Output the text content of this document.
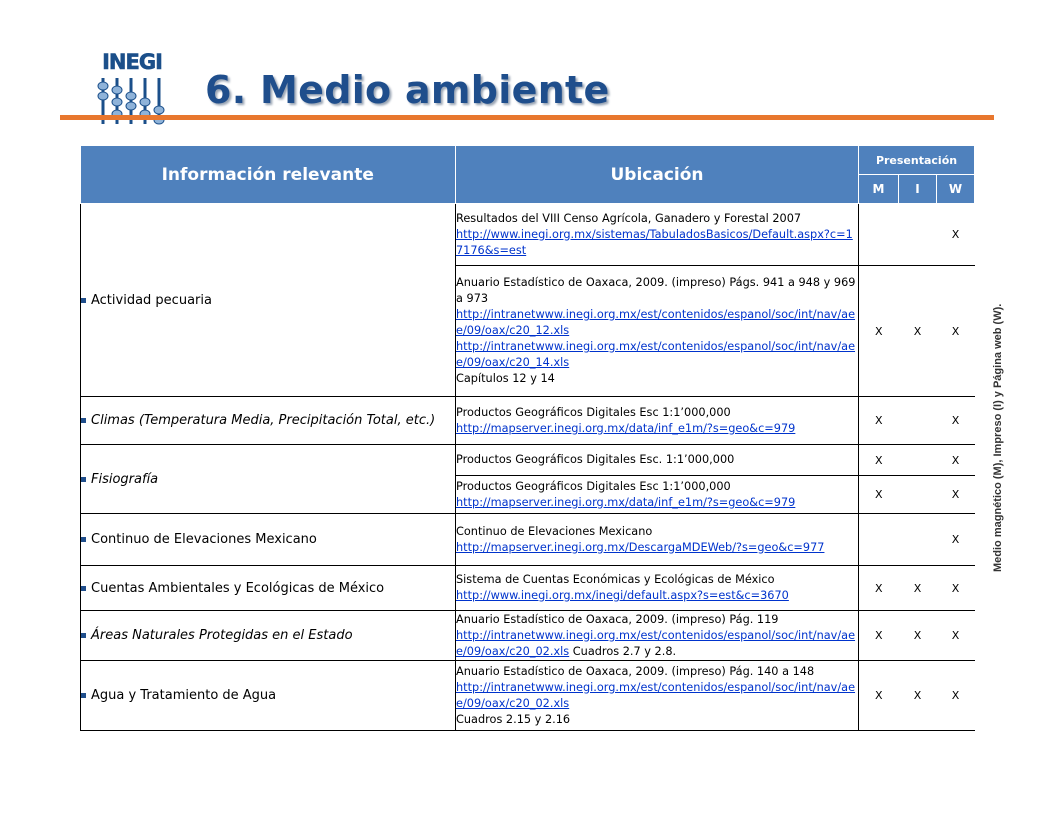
INEGI
6. Medio ambiente
Información relevante	Ubicación	Presentación		
		M	I	W

Actividad pecuaria	Resultados del VIII Censo Agrícola, Ganadero y Forestal 2007
http://www.inegi.org.mx/sistemas/TabuladosBasicos/Default.aspx?c=17176&s=est			X

	Anuario Estadístico de Oaxaca, 2009. (impreso) Págs. 941 a 948 y 969 a 973
http://intranetwww.inegi.org.mx/est/contenidos/espanol/soc/int/nav/aee/09/oax/c20_12.xls
http://intranetwww.inegi.org.mx/est/contenidos/espanol/soc/int/nav/aee/09/oax/c20_14.xls
Capítulos 12 y 14	X	X	X

Climas (Temperatura Media, Precipitación Total, etc.)	Productos Geográficos Digitales Esc 1:1’000,000
http://mapserver.inegi.org.mx/data/inf_e1m/?s=geo&c=979	X		X

Fisiografía	Productos Geográficos Digitales Esc. 1:1’000,000	X		X

	Productos Geográficos Digitales Esc 1:1’000,000
http://mapserver.inegi.org.mx/data/inf_e1m/?s=geo&c=979	X		X

Continuo de Elevaciones Mexicano	Continuo de Elevaciones Mexicano
http://mapserver.inegi.org.mx/DescargaMDEWeb/?s=geo&c=977			X

Cuentas Ambientales y Ecológicas de México	Sistema de Cuentas Económicas y Ecológicas de México
http://www.inegi.org.mx/inegi/default.aspx?s=est&c=3670	X	X	X

Áreas Naturales Protegidas en el Estado	Anuario Estadístico de Oaxaca, 2009. (impreso) Pág. 119
http://intranetwww.inegi.org.mx/est/contenidos/espanol/soc/int/nav/aee/09/oax/c20_02.xls Cuadros 2.7 y 2.8.	X	X	X

Agua y Tratamiento de Agua	Anuario Estadístico de Oaxaca, 2009. (impreso) Pág. 140 a 148
http://intranetwww.inegi.org.mx/est/contenidos/espanol/soc/int/nav/aee/09/oax/c20_02.xls
Cuadros 2.15 y 2.16	X	X	X
Medio magnético (M), Impreso (I) y Página web (W).
